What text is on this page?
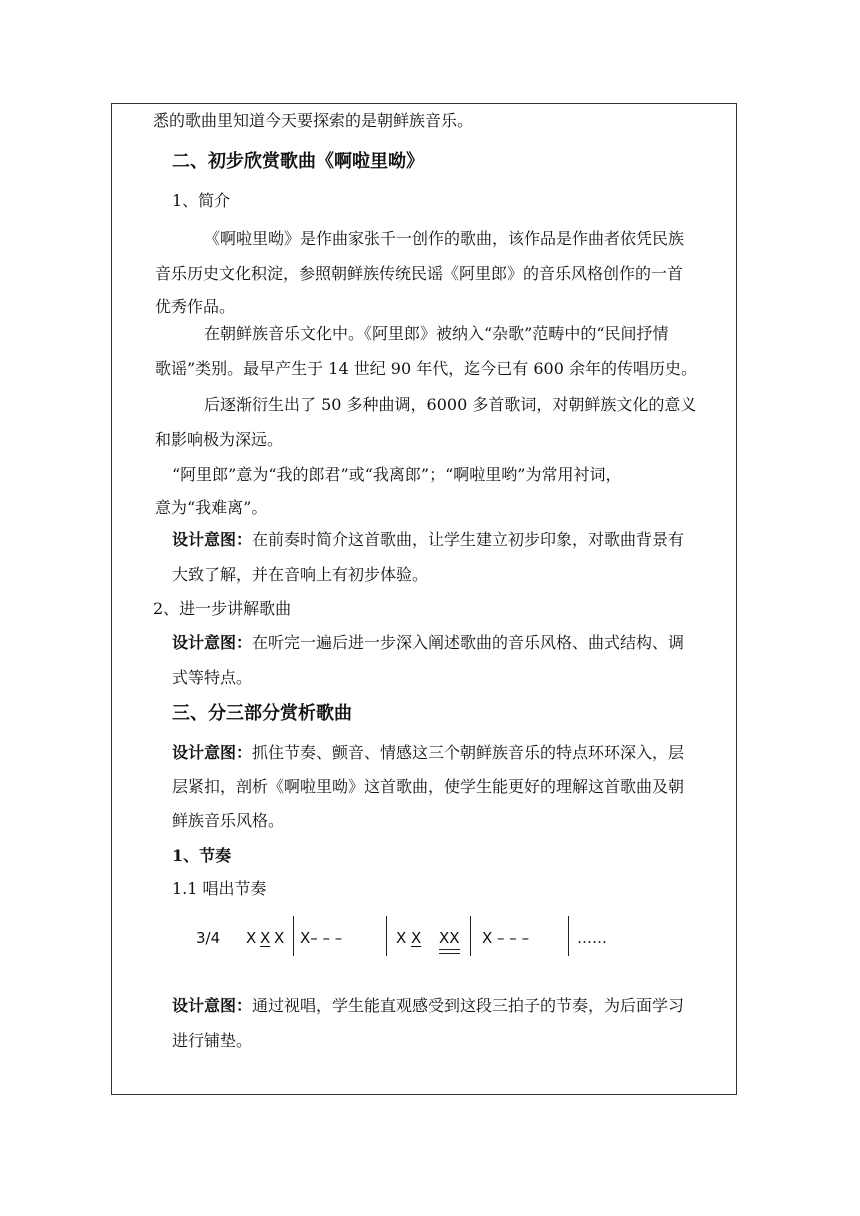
悉的歌曲里知道今天要探索的是朝鲜族音乐。
二、初步欣赏歌曲《啊啦里呦》
1、简介
《啊啦里呦》是作曲家张千一创作的歌曲，该作品是作曲者依凭民族
音乐历史文化积淀，参照朝鲜族传统民谣《阿里郎》的音乐风格创作的一首
优秀作品。
在朝鲜族音乐文化中。《阿里郎》被纳入“杂歌”范畴中的“民间抒情
歌谣”类别。最早产生于 14 世纪 90 年代，迄今已有 600 余年的传唱历史。
后逐渐衍生出了 50 多种曲调，6000 多首歌词，对朝鲜族文化的意义
和影响极为深远。
“阿里郎”意为“我的郎君”或“我离郎”；“啊啦里哟”为常用衬词，
意为“我难离”。
设计意图：在前奏时简介这首歌曲，让学生建立初步印象，对歌曲背景有
大致了解，并在音响上有初步体验。
2、进一步讲解歌曲
设计意图：在听完一遍后进一步深入阐述歌曲的音乐风格、曲式结构、调
式等特点。
三、分三部分赏析歌曲
设计意图：抓住节奏、颤音、情感这三个朝鲜族音乐的特点环环深入，层
层紧扣，剖析《啊啦里呦》这首歌曲，使学生能更好的理解这首歌曲及朝
鲜族音乐风格。
1、节奏
1.1 唱出节奏
3/4 X X X X– – –	X X XX X – – –	……
设计意图：通过视唱，学生能直观感受到这段三拍子的节奏，为后面学习
进行铺垫。
